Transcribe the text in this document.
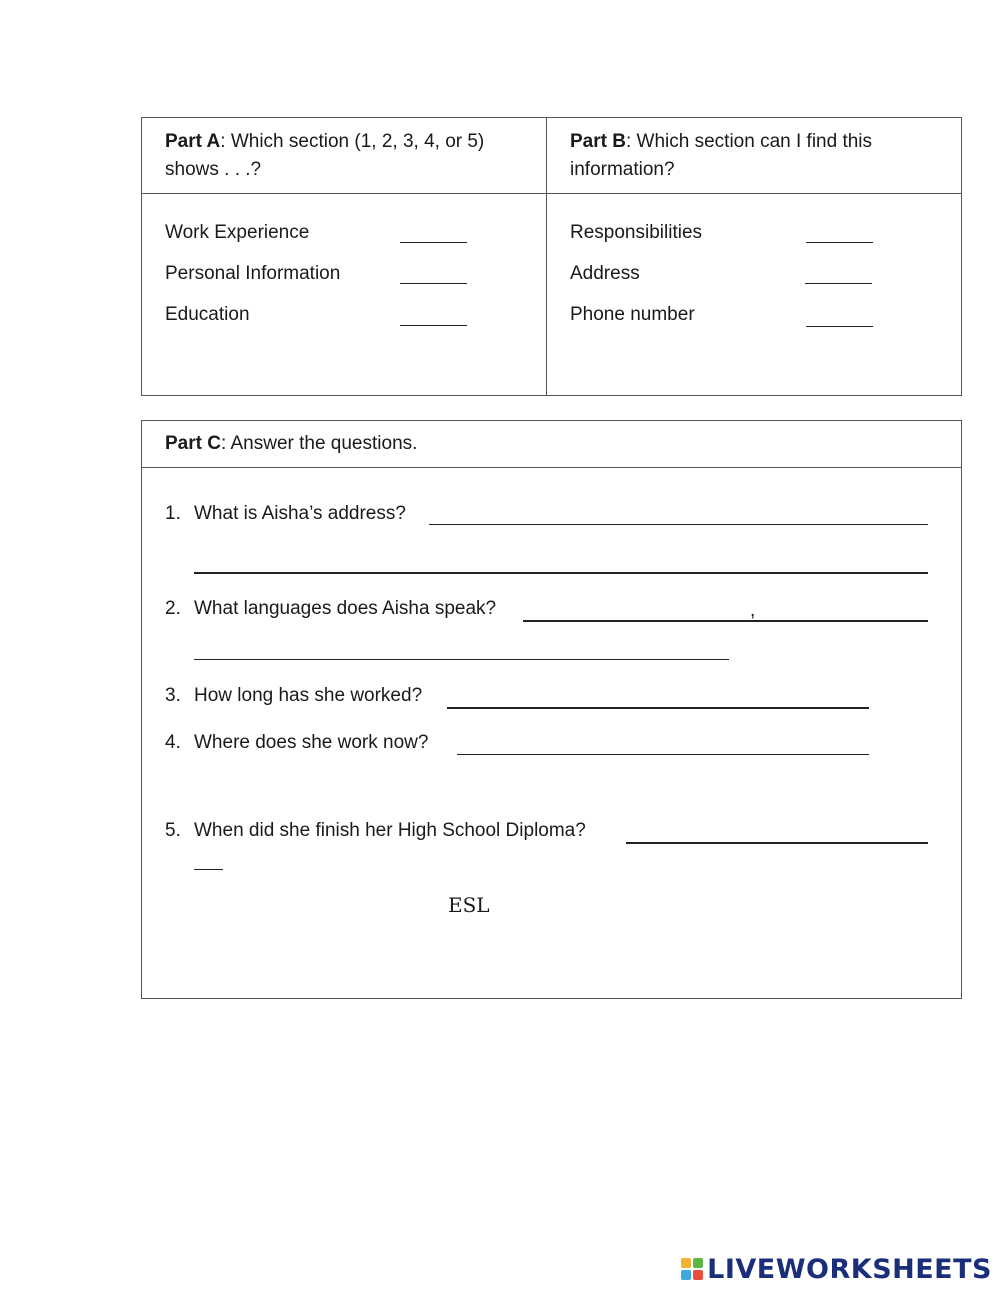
Part A: Which section (1, 2, 3, 4, or 5) shows . . .?
Part B: Which section can I find this information?
Work Experience
Personal Information
Education
Responsibilities
Address
Phone number
Part C: Answer the questions.
1. What is Aisha’s address?
2. What languages does Aisha speak?	,
3. How long has she worked?
4. Where does she work now?
5. When did she finish her High School Diploma?
ESL
LIVEWORKSHEETS
